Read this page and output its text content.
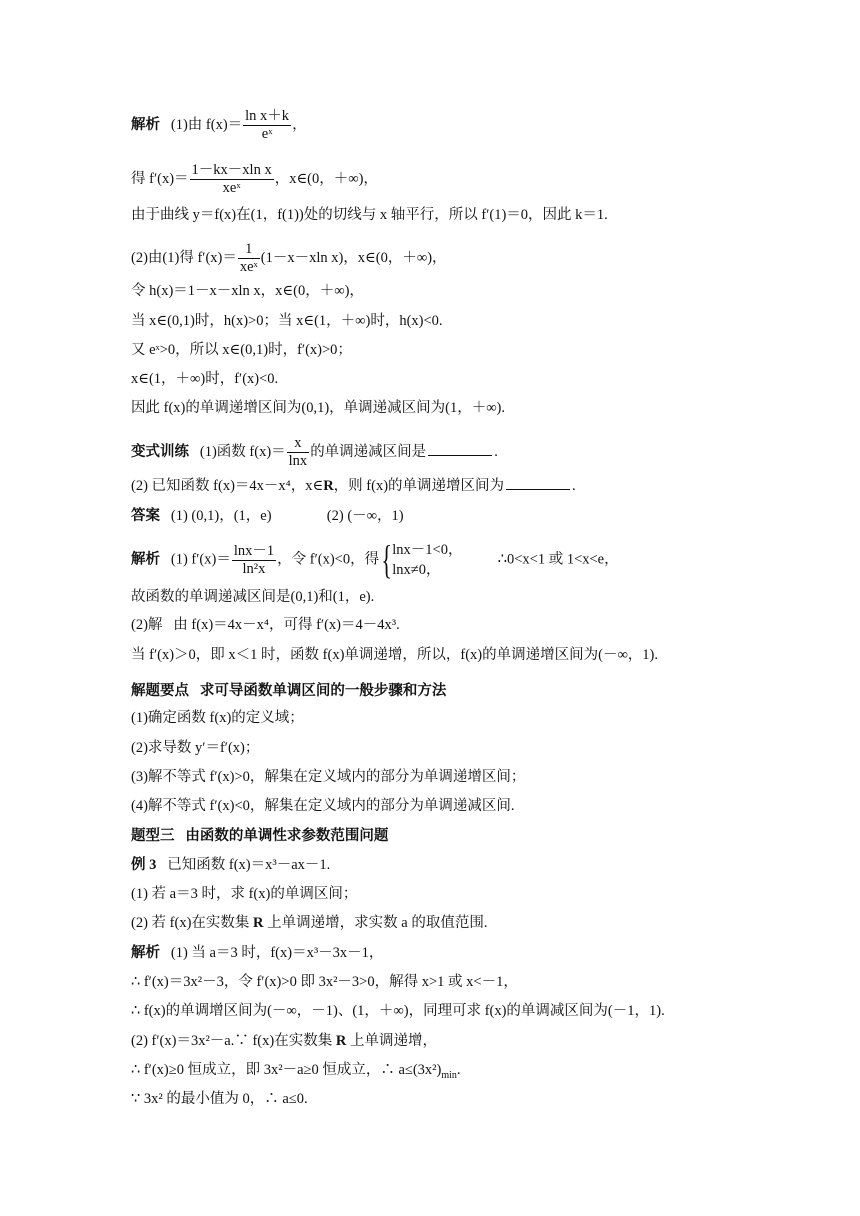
解析 (1)由 $f(x)= \frac{\text{ln x＋k}}{\text{eˣ}}$ ，
得 $f'(x)= \frac{\text{1－kx－xln x}}{\text{xeˣ}}$ ，x∈(0，＋∞)，
由于曲线 y＝f(x)在(1，f(1))处的切线与 x 轴平行，所以 f′(1)＝0，因此 k＝1.
(2)由(1)得 $f'(x)= \frac{1}{\text{xeˣ}} (1-x-xln$ x)，x∈(0，＋∞)，
令 h(x)＝1－x－xln x，x∈(0，＋∞)，
当 x∈(0,1)时，h(x)>0；当 x∈(1，＋∞)时，h(x)<0.
又 eˣ>0，所以 x∈(0,1)时，f′(x)>0；
x∈(1，＋∞)时，f′(x)<0.
因此 f(x)的单调递增区间为(0,1)，单调递减区间为(1，＋∞).
变式训练 (1)函数 $f(x)= \frac{x}{\ln x}$ 的单调递减区间是	.
(2) 已知函数 f(x)＝4x－x⁴，x∈R，则 f(x)的单调递增区间为	.
答案 (1) (0,1)，(1，e)	(2) (－∞，1)
解析 (1) $f'(x)= \frac{\ln x-1}{\text{ln²x}}$ ，令 f′(x)<0，得{ lnx－1<0，
lnx≠0，
∴0<x<1 或 1<x<e，
故函数的单调递减区间是(0,1)和(1，e).
(2)解 由 f(x)＝4x－x⁴，可得 f′(x)＝4－4x³.
当 f′(x)＞0，即 x＜1 时，函数 f(x)单调递增，所以，f(x)的单调递增区间为(－∞，1).
解题要点 求可导函数单调区间的一般步骤和方法
(1)确定函数 f(x)的定义域；
(2)求导数 y′＝f′(x)；
(3)解不等式 f′(x)>0，解集在定义域内的部分为单调递增区间；
(4)解不等式 f′(x)<0，解集在定义域内的部分为单调递减区间.
题型三 由函数的单调性求参数范围问题
例 3 已知函数 f(x)＝x³－ax－1.
(1) 若 a＝3 时，求 f(x)的单调区间；
(2) 若 f(x)在实数集 R 上单调递增，求实数 a 的取值范围.
解析 (1) 当 a＝3 时，f(x)＝x³－3x－1，
∴ f′(x)＝3x²－3，令 f′(x)>0 即 3x²－3>0，解得 x>1 或 x<－1，
∴ f(x)的单调增区间为(－∞，－1)、(1，＋∞)，同理可求 f(x)的单调减区间为(－1，1).
(2) f′(x)＝3x²－a.∵ f(x)在实数集 R 上单调递增，
∴ f′(x)≥0 恒成立，即 3x²－a≥0 恒成立，∴ $a\le(3x^2)_{min}$.
∵ 3x² 的最小值为 0，∴ a≤0.
